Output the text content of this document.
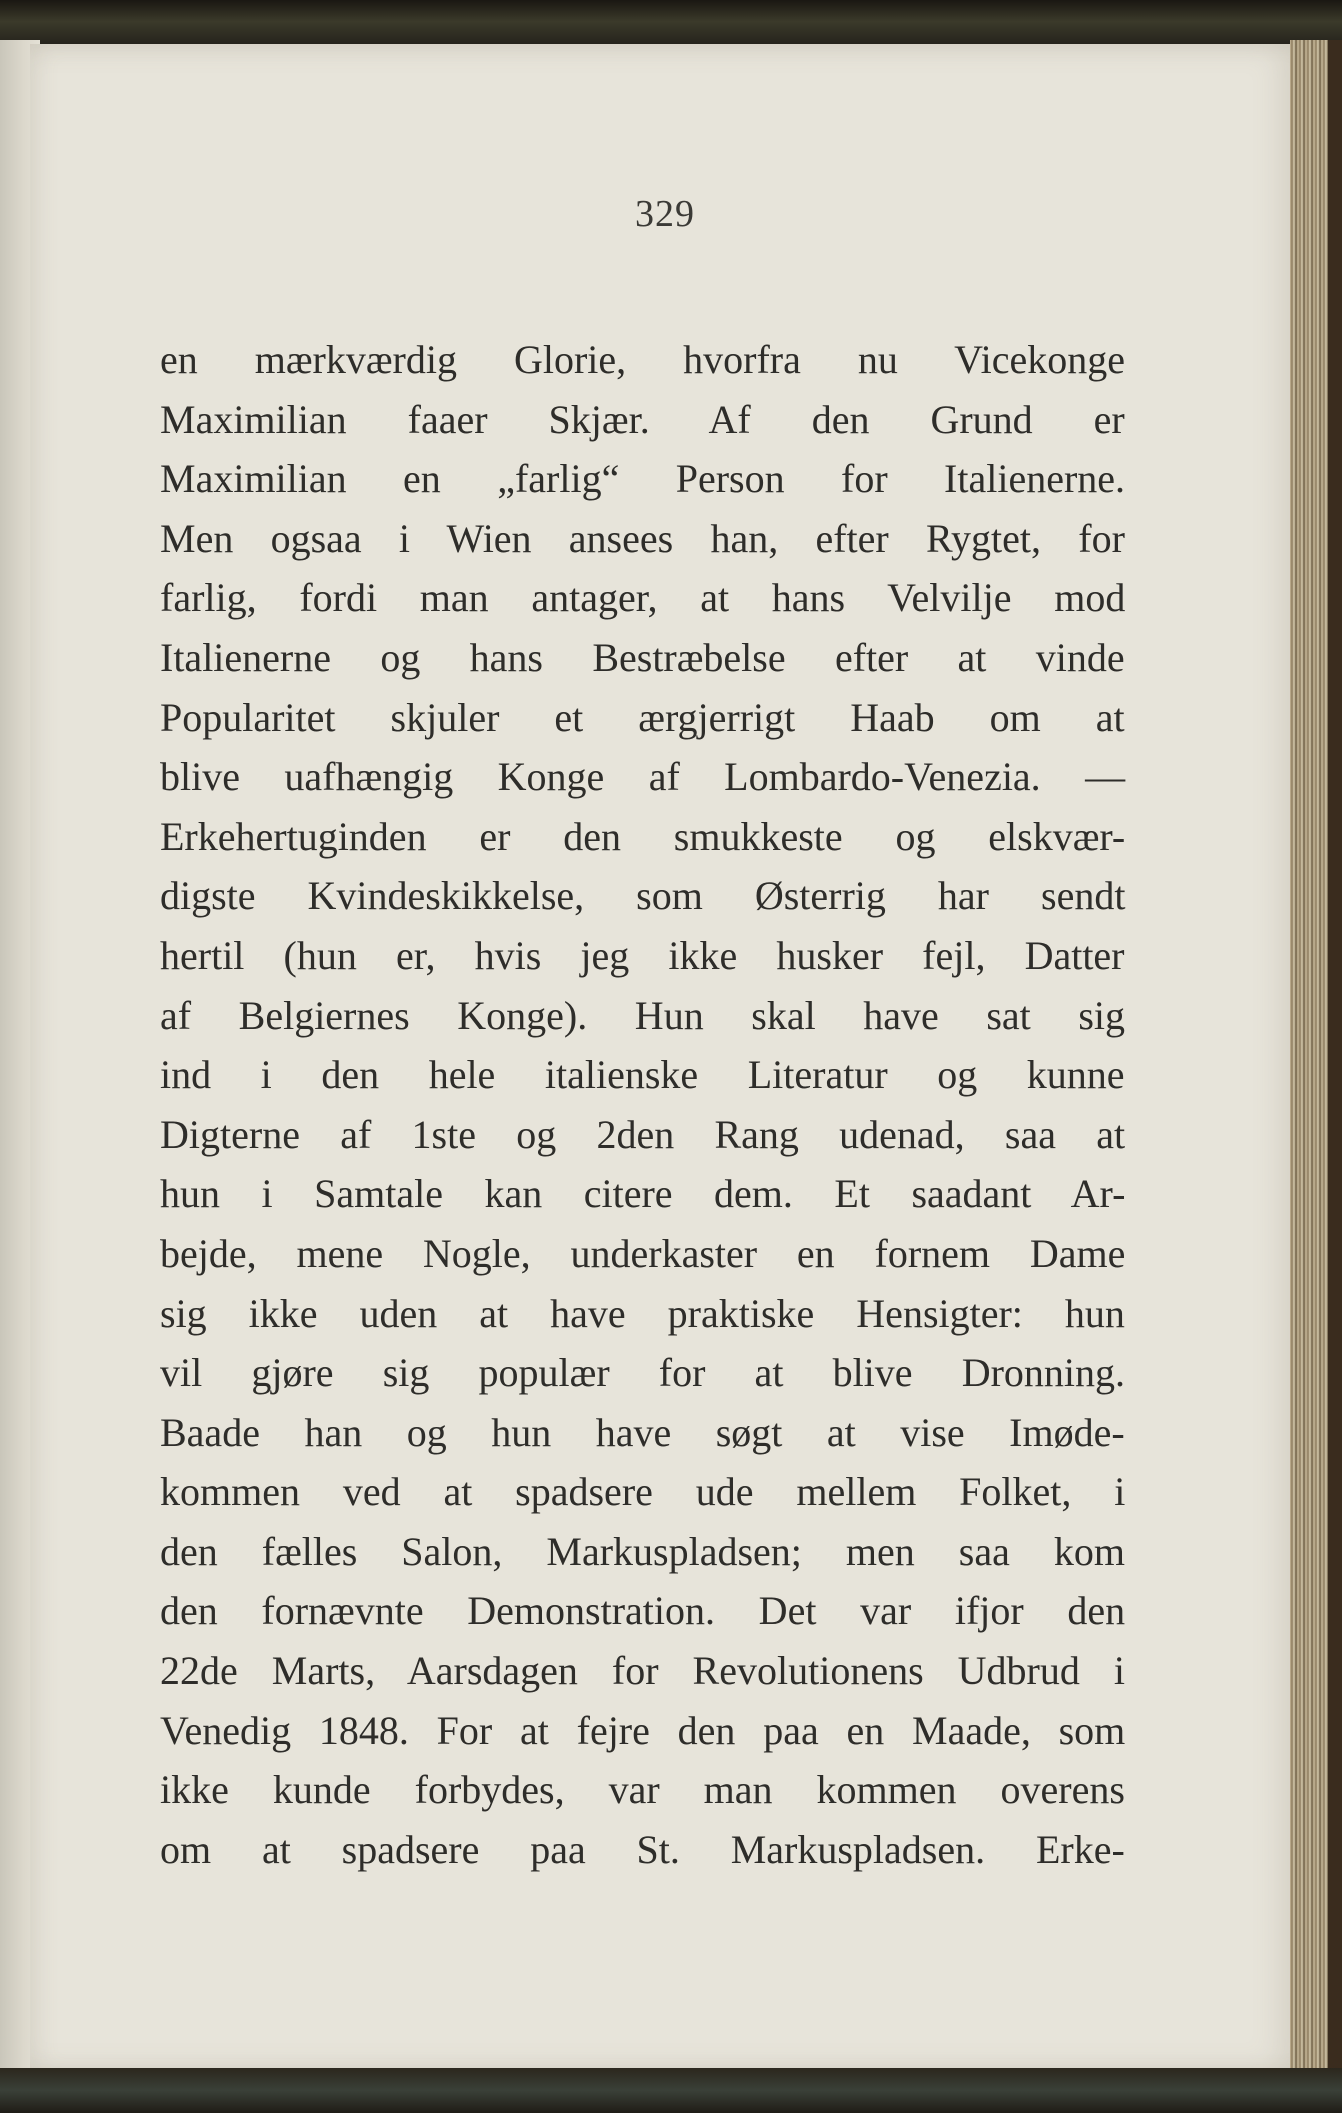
329
en mærkværdig Glorie, hvorfra nu Vicekonge
Maximilian faaer Skjær. Af den Grund er
Maximilian en „farlig“ Person for Italienerne.
Men ogsaa i Wien ansees han, efter Rygtet, for
farlig, fordi man antager, at hans Velvilje mod
Italienerne og hans Bestræbelse efter at vinde
Popularitet skjuler et ærgjerrigt Haab om at
blive uafhængig Konge af Lombardo-Venezia. —
Erkehertuginden er den smukkeste og elskvær-
digste Kvindeskikkelse, som Østerrig har sendt
hertil (hun er, hvis jeg ikke husker fejl, Datter
af Belgiernes Konge). Hun skal have sat sig
ind i den hele italienske Literatur og kunne
Digterne af 1ste og 2den Rang udenad, saa at
hun i Samtale kan citere dem. Et saadant Ar-
bejde, mene Nogle, underkaster en fornem Dame
sig ikke uden at have praktiske Hensigter: hun
vil gjøre sig populær for at blive Dronning.
Baade han og hun have søgt at vise Imøde-
kommen ved at spadsere ude mellem Folket, i
den fælles Salon, Markuspladsen; men saa kom
den fornævnte Demonstration. Det var ifjor den
22de Marts, Aarsdagen for Revolutionens Udbrud i
Venedig 1848. For at fejre den paa en Maade, som
ikke kunde forbydes, var man kommen overens
om at spadsere paa St. Markuspladsen. Erke-
